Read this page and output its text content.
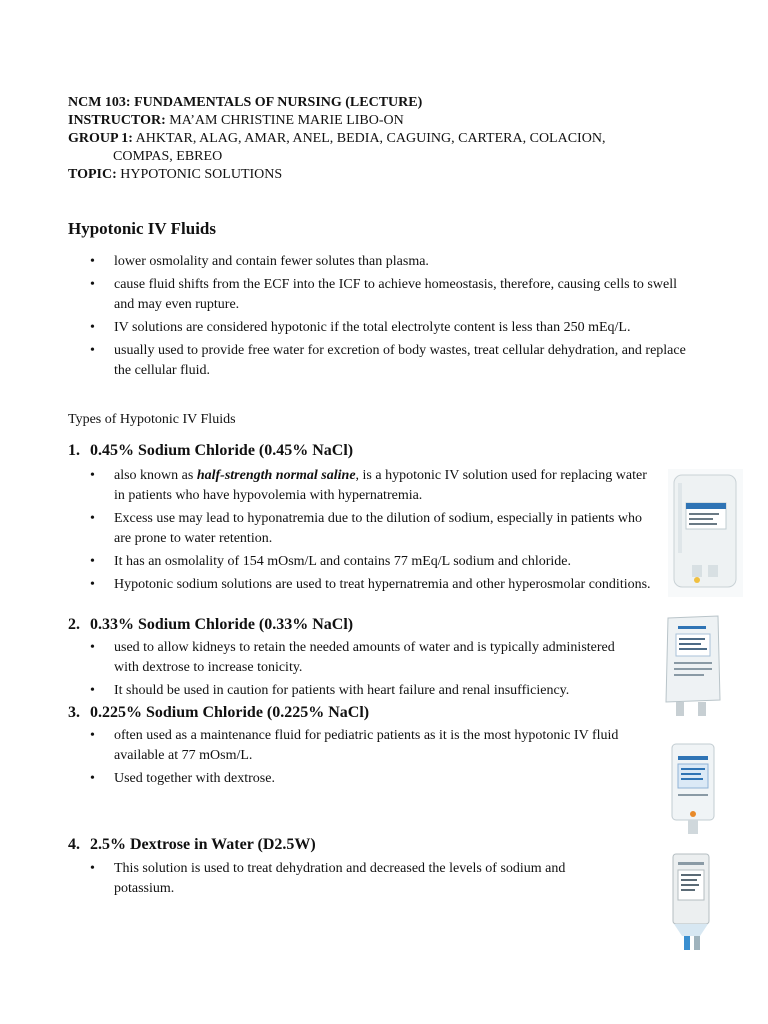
NCM 103: FUNDAMENTALS OF NURSING (LECTURE)
INSTRUCTOR: MA’AM CHRISTINE MARIE LIBO-ON
GROUP 1: AHKTAR, ALAG, AMAR, ANEL, BEDIA, CAGUING, CARTERA, COLACION,
COMPAS, EBREO
TOPIC: HYPOTONIC SOLUTIONS
Hypotonic IV Fluids
• lower osmolality and contain fewer solutes than plasma.
• cause fluid shifts from the ECF into the ICF to achieve homeostasis, therefore, causing cells to swell and may even rupture.
• IV solutions are considered hypotonic if the total electrolyte content is less than 250 mEq/L.
• usually used to provide free water for excretion of body wastes, treat cellular dehydration, and replace the cellular fluid.
Types of Hypotonic IV Fluids
1. 0.45% Sodium Chloride (0.45% NaCl)
• also known as half-strength normal saline, is a hypotonic IV solution used for replacing water in patients who have hypovolemia with hypernatremia.
• Excess use may lead to hyponatremia due to the dilution of sodium, especially in patients who are prone to water retention.
• It has an osmolality of 154 mOsm/L and contains 77 mEq/L sodium and chloride.
• Hypotonic sodium solutions are used to treat hypernatremia and other hyperosmolar conditions.
2. 0.33% Sodium Chloride (0.33% NaCl)
• used to allow kidneys to retain the needed amounts of water and is typically administered with dextrose to increase tonicity.
• It should be used in caution for patients with heart failure and renal insufficiency.
3. 0.225% Sodium Chloride (0.225% NaCl)
• often used as a maintenance fluid for pediatric patients as it is the most hypotonic IV fluid available at 77 mOsm/L.
• Used together with dextrose.
4. 2.5% Dextrose in Water (D2.5W)
• This solution is used to treat dehydration and decreased the levels of sodium and potassium.
